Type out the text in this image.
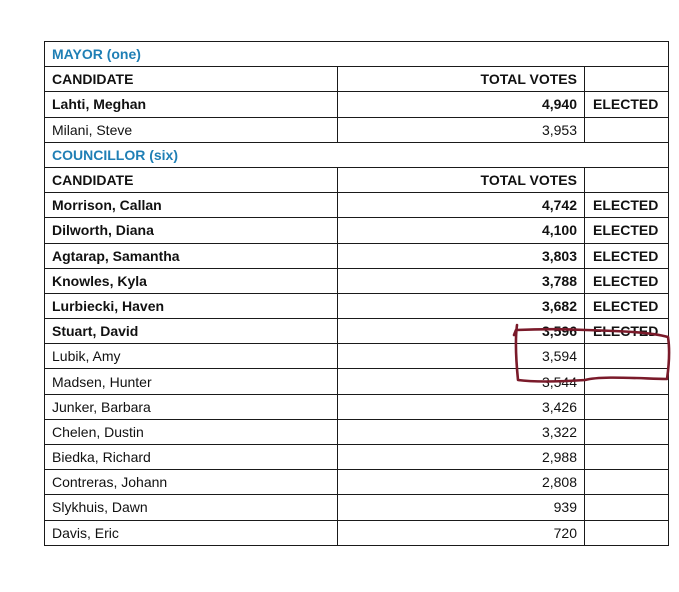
MAYOR (one)		
CANDIDATE	TOTAL VOTES	
Lahti, Meghan	4,940	ELECTED
Milani, Steve	3,953	
COUNCILLOR (six)		
CANDIDATE	TOTAL VOTES	
Morrison, Callan	4,742	ELECTED
Dilworth, Diana	4,100	ELECTED
Agtarap, Samantha	3,803	ELECTED
Knowles, Kyla	3,788	ELECTED
Lurbiecki, Haven	3,682	ELECTED
Stuart, David	3,596	ELECTED
Lubik, Amy	3,594	
Madsen, Hunter	3,544	
Junker, Barbara	3,426	
Chelen, Dustin	3,322	
Biedka, Richard	2,988	
Contreras, Johann	2,808	
Slykhuis, Dawn	939	
Davis, Eric	720	
